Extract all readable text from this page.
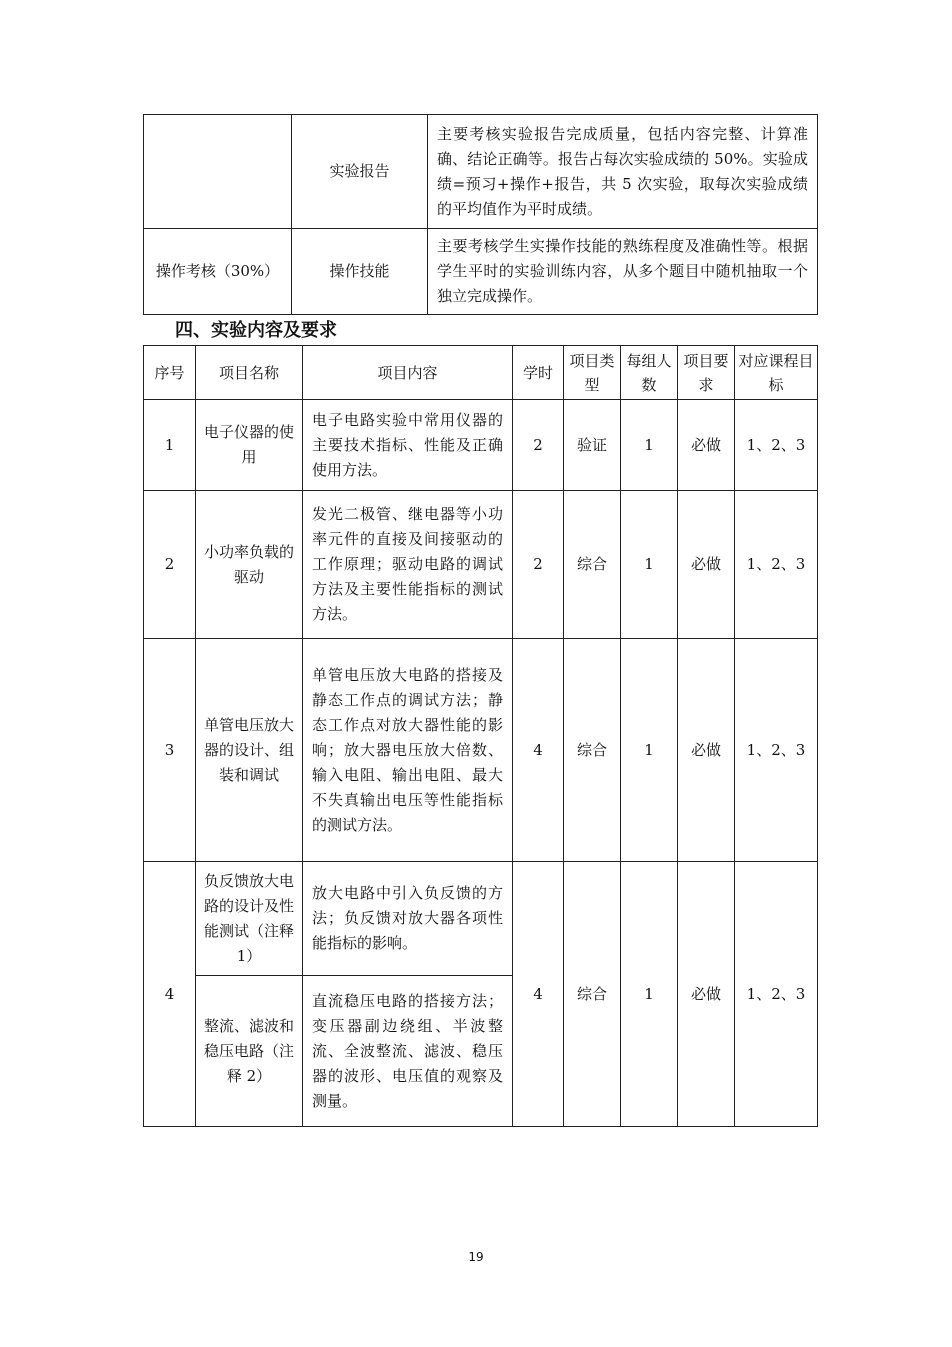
	实验报告	主要考核实验报告完成质量，包括内容完整、计算准确、结论正确等。报告占每次实验成绩的 50%。实验成绩=预习+操作+报告，共 5 次实验，取每次实验成绩的平均值作为平时成绩。
操作考核（30%）	操作技能	主要考核学生实操作技能的熟练程度及准确性等。根据学生平时的实验训练内容，从多个题目中随机抽取一个独立完成操作。
四、实验内容及要求
序号	项目名称	项目内容	学时	项目类型	每组人数	项目要求	对应课程目标
1	电子仪器的使用	电子电路实验中常用仪器的主要技术指标、性能及正确使用方法。	2	验证	1	必做	1、2、3
2	小功率负载的驱动	发光二极管、继电器等小功率元件的直接及间接驱动的工作原理；驱动电路的调试方法及主要性能指标的测试方法。	2	综合	1	必做	1、2、3
3	单管电压放大器的设计、组装和调试	单管电压放大电路的搭接及静态工作点的调试方法；静态工作点对放大器性能的影响；放大器电压放大倍数、输入电阻、输出电阻、最大不失真输出电压等性能指标的测试方法。	4	综合	1	必做	1、2、3
4	负反馈放大电路的设计及性能测试（注释 1）	放大电路中引入负反馈的方法；负反馈对放大器各项性能指标的影响。	4	综合	1	必做	1、2、3
	整流、滤波和稳压电路（注释 2）	直流稳压电路的搭接方法；变压器副边绕组、半波整流、全波整流、滤波、稳压器的波形、电压值的观察及测量。					
19
